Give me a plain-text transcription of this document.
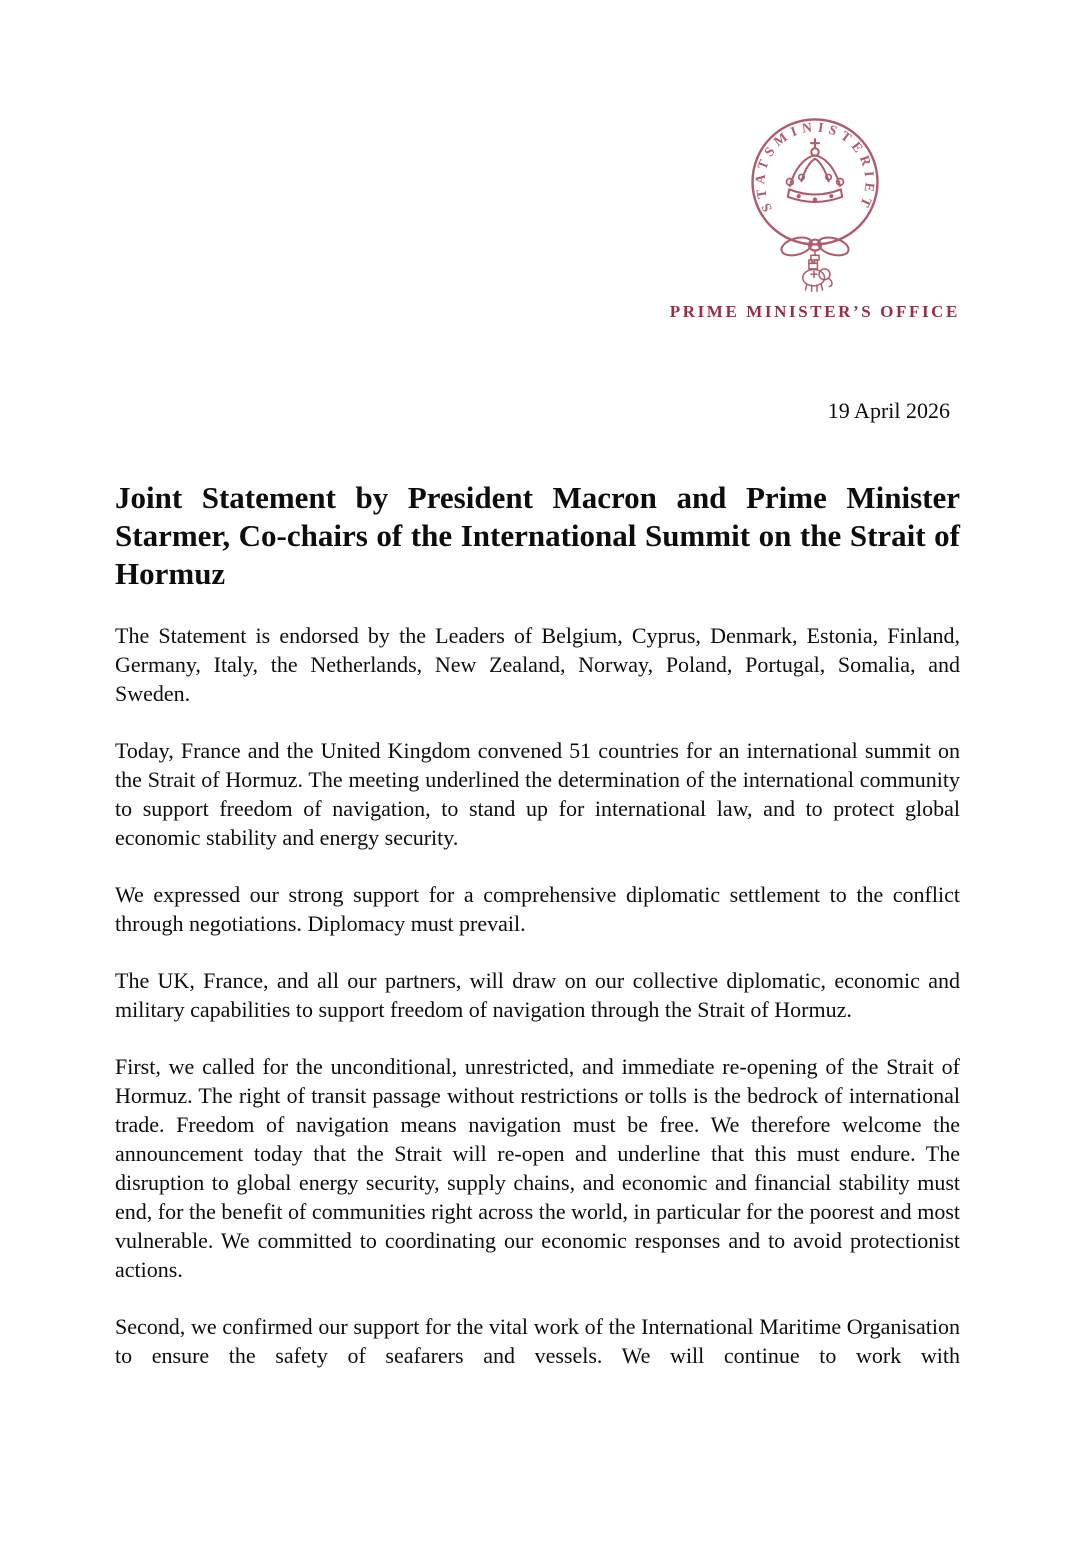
STATSMINISTERIET
PRIME MINISTER’S OFFICE
19 April 2026
Joint Statement by President Macron and Prime Minister Starmer, Co-chairs of the International Summit on the Strait of Hormuz

The Statement is endorsed by the Leaders of Belgium, Cyprus, Denmark, Estonia, Finland, Germany, Italy, the Netherlands, New Zealand, Norway, Poland, Portugal, Somalia, and Sweden.

Today, France and the United Kingdom convened 51 countries for an international summit on the Strait of Hormuz. The meeting underlined the determination of the international community to support freedom of navigation, to stand up for international law, and to protect global economic stability and energy security.

We expressed our strong support for a comprehensive diplomatic settlement to the conflict through negotiations. Diplomacy must prevail.

The UK, France, and all our partners, will draw on our collective diplomatic, economic and military capabilities to support freedom of navigation through the Strait of Hormuz.

First, we called for the unconditional, unrestricted, and immediate re-opening of the Strait of Hormuz. The right of transit passage without restrictions or tolls is the bedrock of international trade. Freedom of navigation means navigation must be free. We therefore welcome the announcement today that the Strait will re-open and underline that this must endure. The disruption to global energy security, supply chains, and economic and financial stability must end, for the benefit of communities right across the world, in particular for the poorest and most vulnerable. We committed to coordinating our economic responses and to avoid protectionist actions.

Second, we confirmed our support for the vital work of the International Maritime Organisation to ensure the safety of seafarers and vessels. We will continue to work with
